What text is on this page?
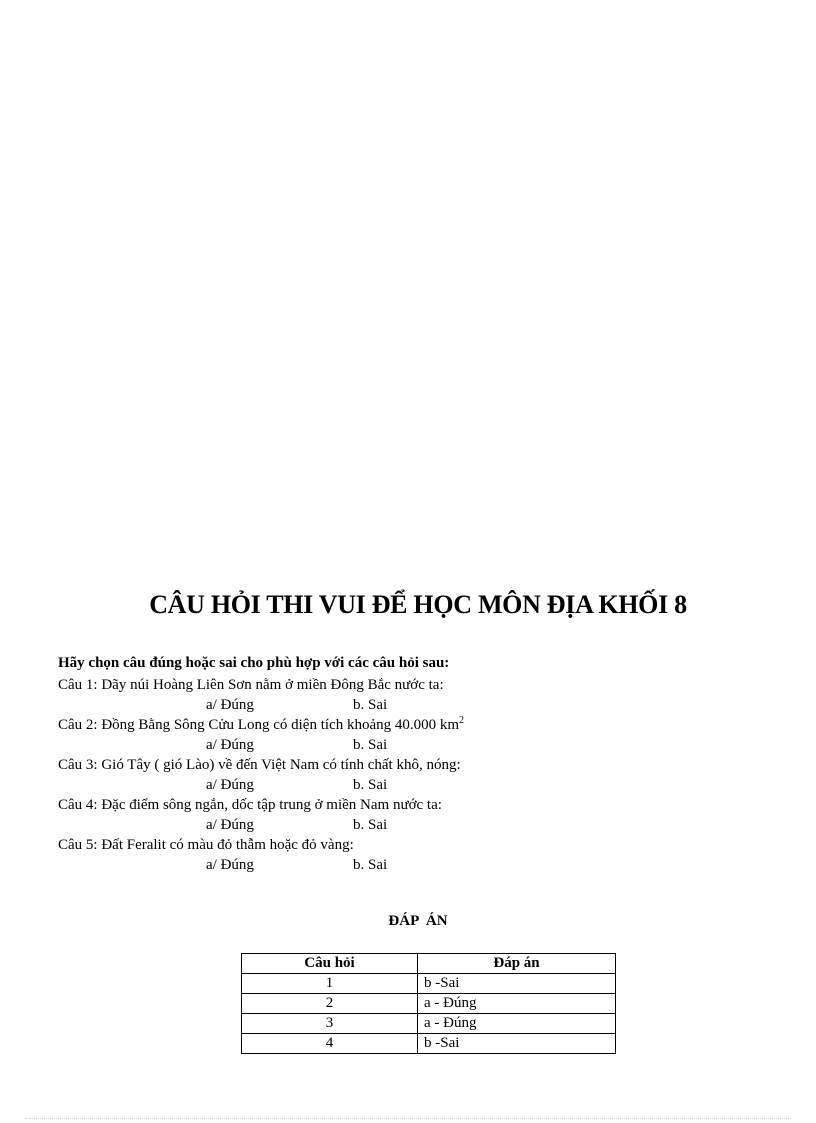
CÂU HỎI THI VUI ĐỂ HỌC MÔN ĐỊA KHỐI 8
Hãy chọn câu đúng hoặc sai cho phù hợp với các câu hỏi sau:
Câu 1: Dãy núi Hoàng Liên Sơn nằm ở miền Đông Bắc nước ta:
a/ Đúng	b. Sai
Câu 2: Đồng Bằng Sông Cửu Long có diện tích khoảng 40.000 $km^2$
a/ Đúng	b. Sai
Câu 3: Gió Tây ( gió Lào) về đến Việt Nam có tính chất khô, nóng:
a/ Đúng	b. Sai
Câu 4: Đặc điểm sông ngắn, dốc tập trung ở miền Nam nước ta:
a/ Đúng	b. Sai
Câu 5: Đất Feralit có màu đỏ thẫm hoặc đỏ vàng:
a/ Đúng	b. Sai
ĐÁP  ÁN
Câu hỏi	Đáp án
1	b -Sai
2	a - Đúng
3	a - Đúng
4	b -Sai
